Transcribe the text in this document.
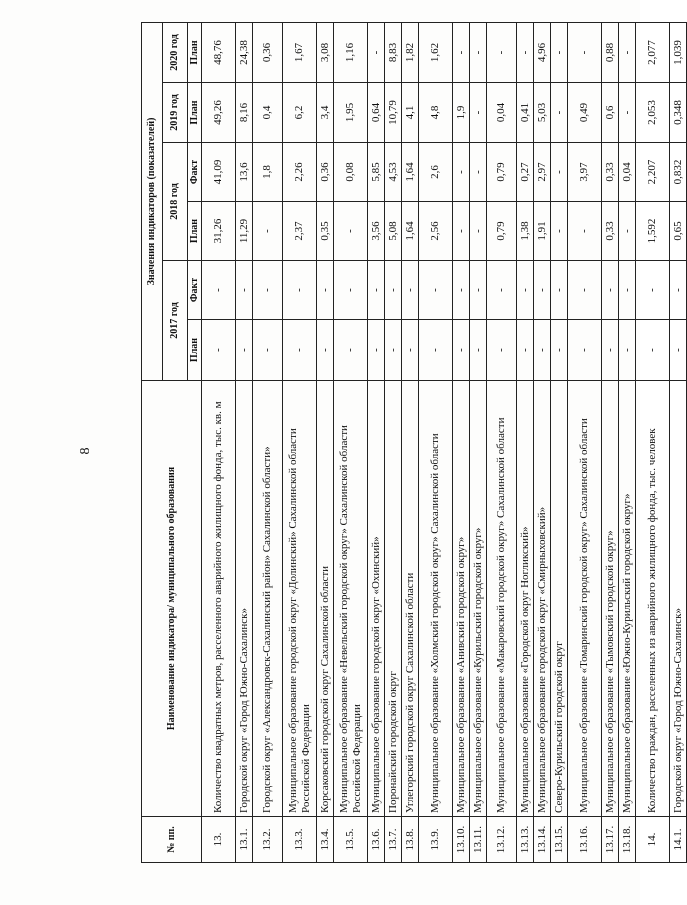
8
№ пп.	Наименование индикатора/ муниципального образования	Значения индикаторов (показателей)					
		2017 год		2018 год		2019 год	2020 год
		План	Факт	План	Факт	План	План
13.	Количество квадратных метров, расселенного аварийного жилищного фонда, тыс. кв. м	-	-	31,26	41,09	49,26	48,76
13.1.	Городской округ «Город Южно-Сахалинск»	-	-	11,29	13,6	8,16	24,38
13.2.	Городской округ «Александровск-Сахалинский район» Сахалинской области»	-	-	-	1,8	0,4	0,36
13.3.	Муниципальное образование городской округ «Долинский» Сахалинской области Российской Федерации	-	-	2,37	2,26	6,2	1,67
13.4.	Корсаковский городской округ Сахалинской области	-	-	0,35	0,36	3,4	3,08
13.5.	Муниципальное образование «Невельский городской округ» Сахалинской области Российской Федерации	-	-	-	0,08	1,95	1,16
13.6.	Муниципальное образование городской округ «Охинский»	-	-	3,56	5,85	0,64	-
13.7.	Поронайский городской округ	-	-	5,08	4,53	10,79	8,83
13.8.	Углегорский городской округ Сахалинской области	-	-	1,64	1,64	4,1	1,82
13.9.	Муниципальное образование «Холмский городской округ» Сахалинской области	-	-	2,56	2,6	4,8	1,62
13.10.	Муниципальное образование «Анивский городской округ»	-	-	-	-	1,9	-
13.11.	Муниципальное образование «Курильский городской округ»	-	-	-	-	-	-
13.12.	Муниципальное образование «Макаровский городской округ» Сахалинской области	-	-	0,79	0,79	0,04	-
13.13.	Муниципальное образование «Городской округ Ногликский»	-	-	1,38	0,27	0,41	-
13.14.	Муниципальное образование городской округ «Смирныховский»	-	-	1,91	2,97	5,03	4,96
13.15.	Северо-Курильский городской округ	-	-	-	-	-	-
13.16.	Муниципальное образование «Томаринский городской округ» Сахалинской области	-	-	-	3,97	0,49	-
13.17.	Муниципальное образование «Тымовский городской округ»	-	-	0,33	0,33	0,6	0,88
13.18.	Муниципальное образование «Южно-Курильский городской округ»	-	-	-	0,04	-	-
14.	Количество граждан, расселенных из аварийного жилищного фонда, тыс. человек	-	-	1,592	2,207	2,053	2,077
14.1.	Городской округ «Город Южно-Сахалинск»	-	-	0,65	0,832	0,348	1,039
